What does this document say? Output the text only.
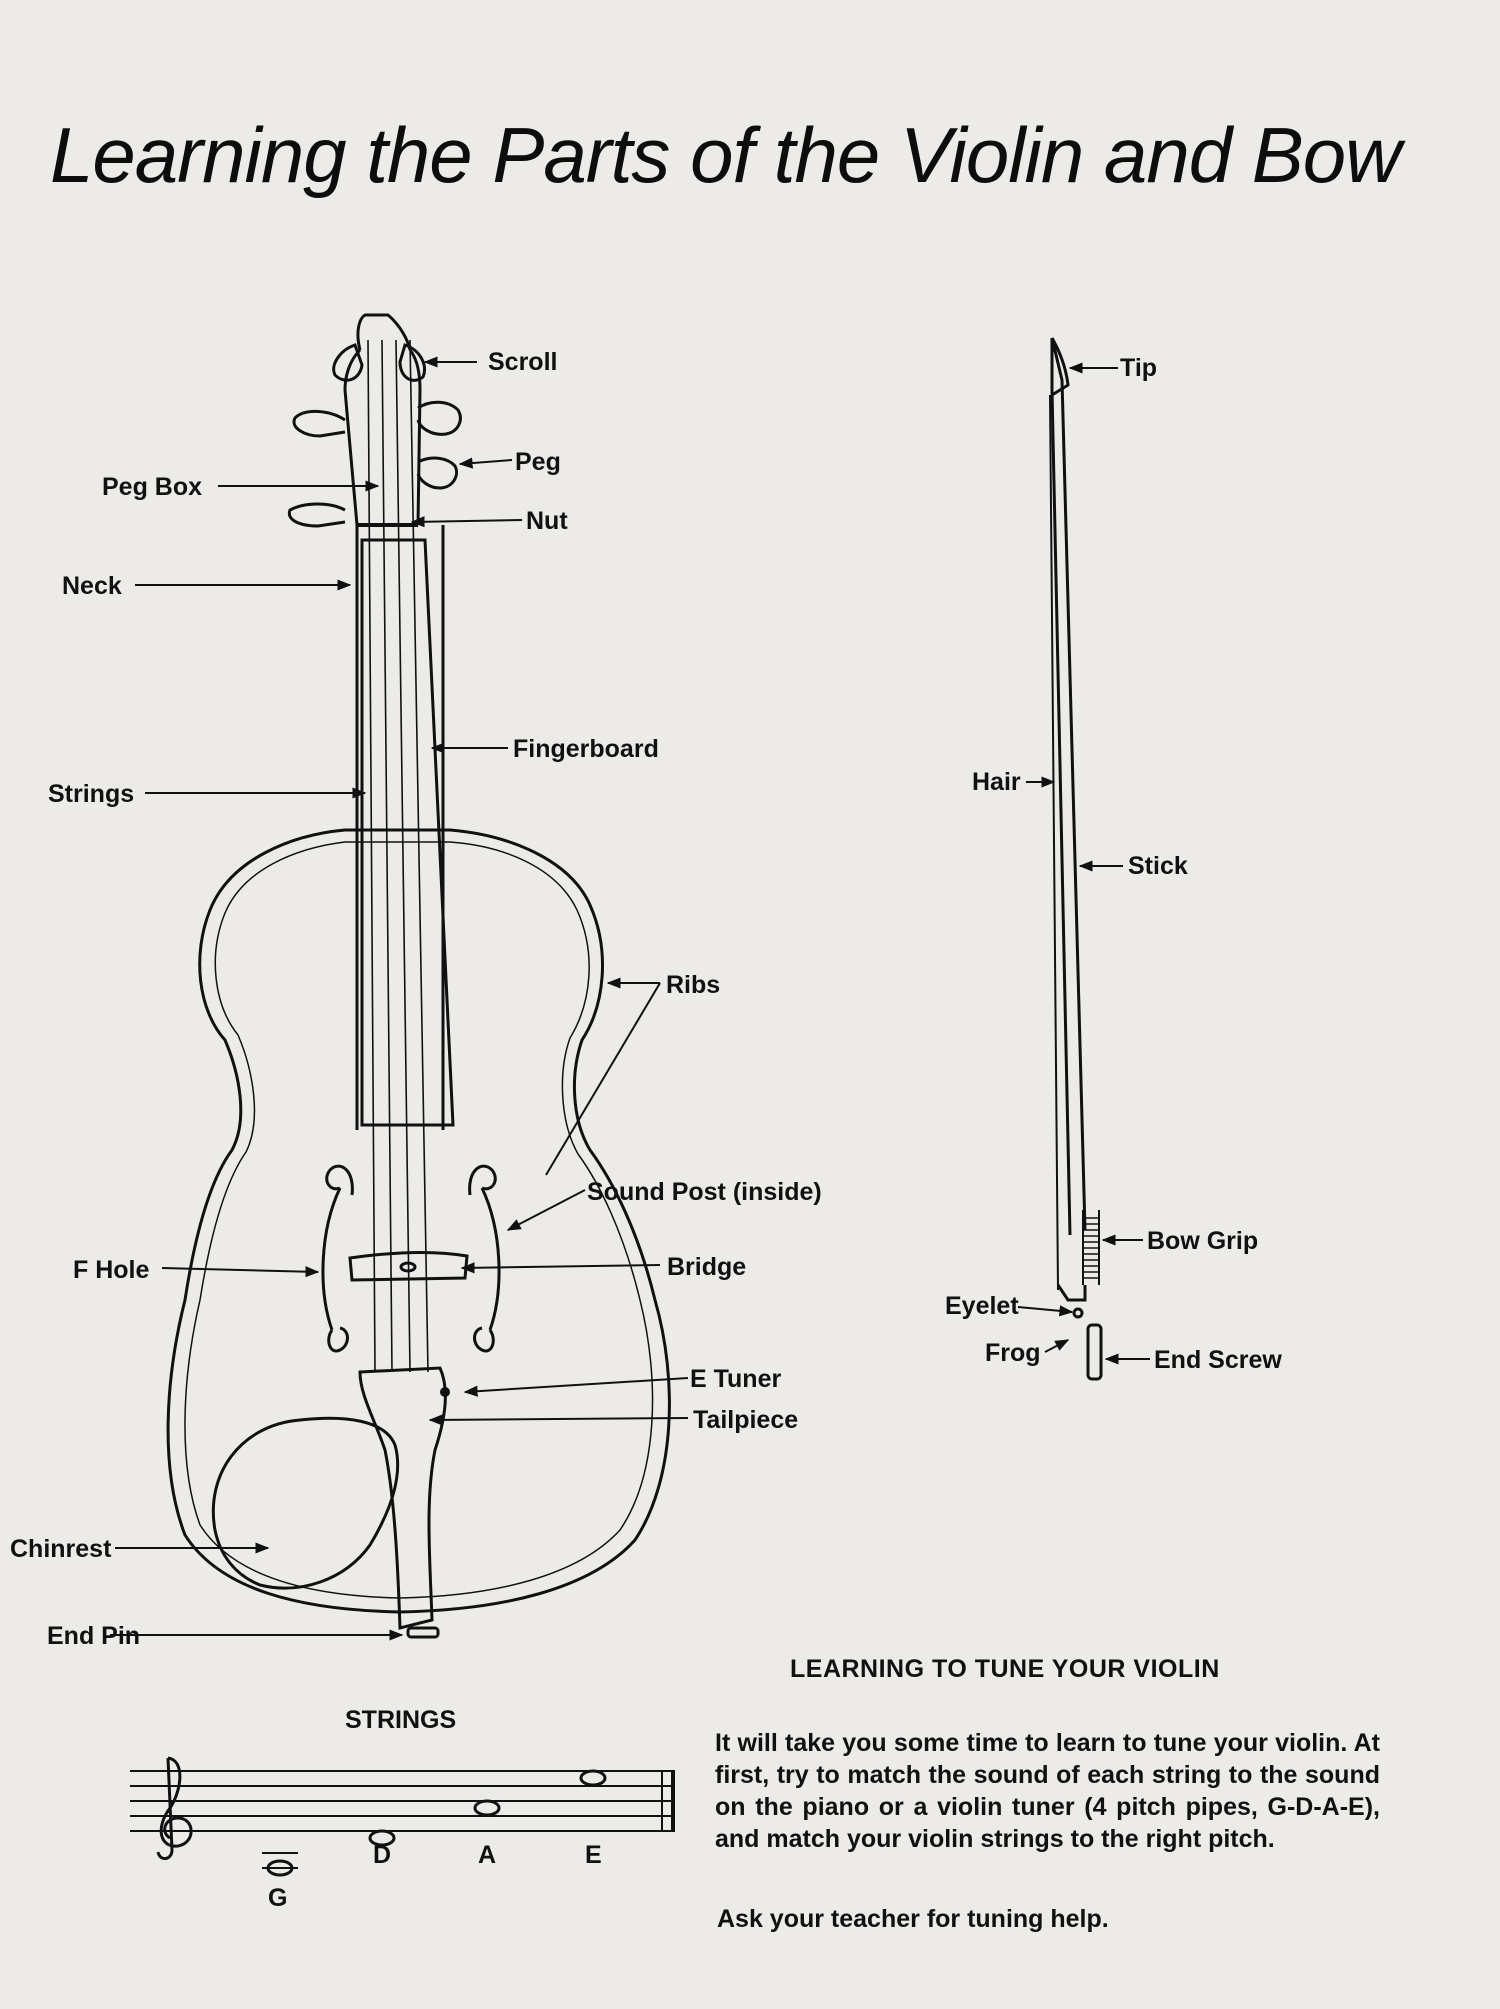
Learning the Parts of the Violin and Bow
Scroll
Peg
Peg Box
Nut
Neck
Fingerboard
Strings
Ribs
Sound Post (inside)
F Hole	Bridge
E Tuner
Tailpiece
Chinrest
End Pin
Tip
Hair
Stick
Bow Grip
Eyelet
Frog	End Screw

STRINGS

G

D	A	E

LEARNING TO TUNE YOUR VIOLIN

It will take you some time to learn to tune your violin. At first, try to match the sound of each string to the sound on the piano or a violin tuner (4 pitch pipes, G-D-A-E), and match your violin strings to the right pitch.

Ask your teacher for tuning help.
